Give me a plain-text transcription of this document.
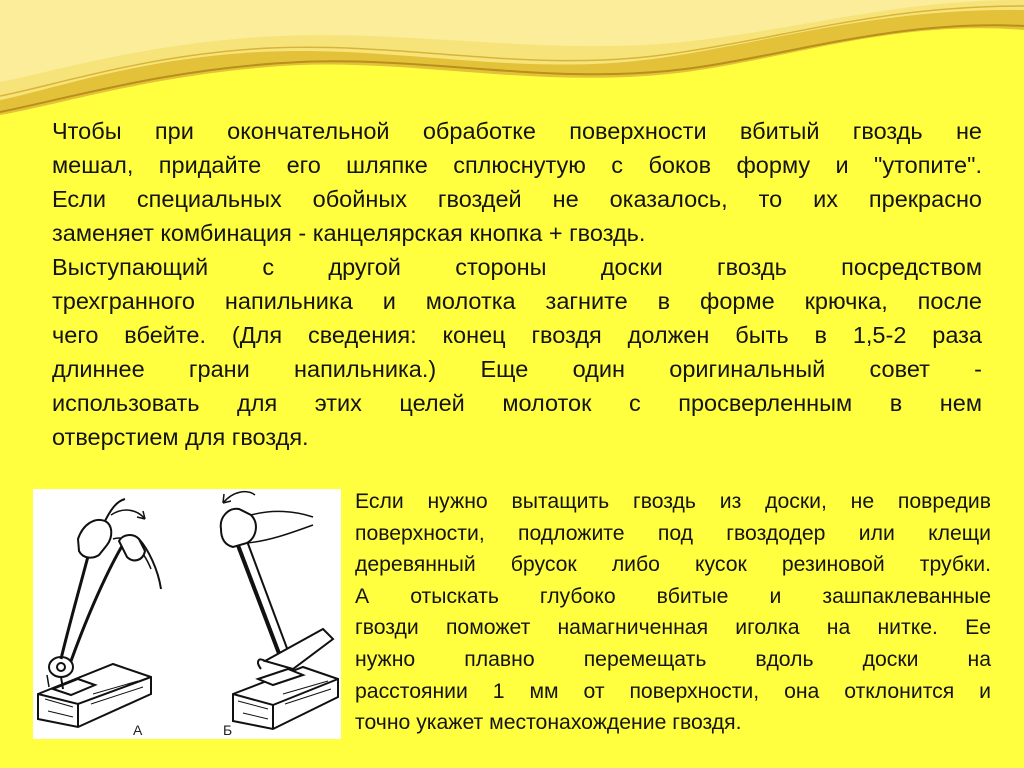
Чтобы при окончательной обработке поверхности вбитый гвоздь не
мешал, придайте его шляпке сплюснутую с боков форму и "утопите".
Если специальных обойных гвоздей не оказалось, то их прекрасно
заменяет комбинация - канцелярская кнопка + гвоздь.
Выступающий с другой стороны доски гвоздь посредством
трехгранного напильника и молотка загните в форме крючка, после
чего вбейте. (Для сведения: конец гвоздя должен быть в 1,5-2 раза
длиннее грани напильника.) Еще один оригинальный совет -
использовать для этих целей молоток с просверленным в нем
отверстием для гвоздя.
А	Б
Если нужно вытащить гвоздь из доски, не повредив
поверхности, подложите под гвоздодер или клещи
деревянный брусок либо кусок резиновой трубки.
А отыскать глубоко вбитые и зашпаклеванные
гвозди поможет намагниченная иголка на нитке. Ее
нужно плавно перемещать вдоль доски на
расстоянии 1 мм от поверхности, она отклонится и
точно укажет местонахождение гвоздя.
